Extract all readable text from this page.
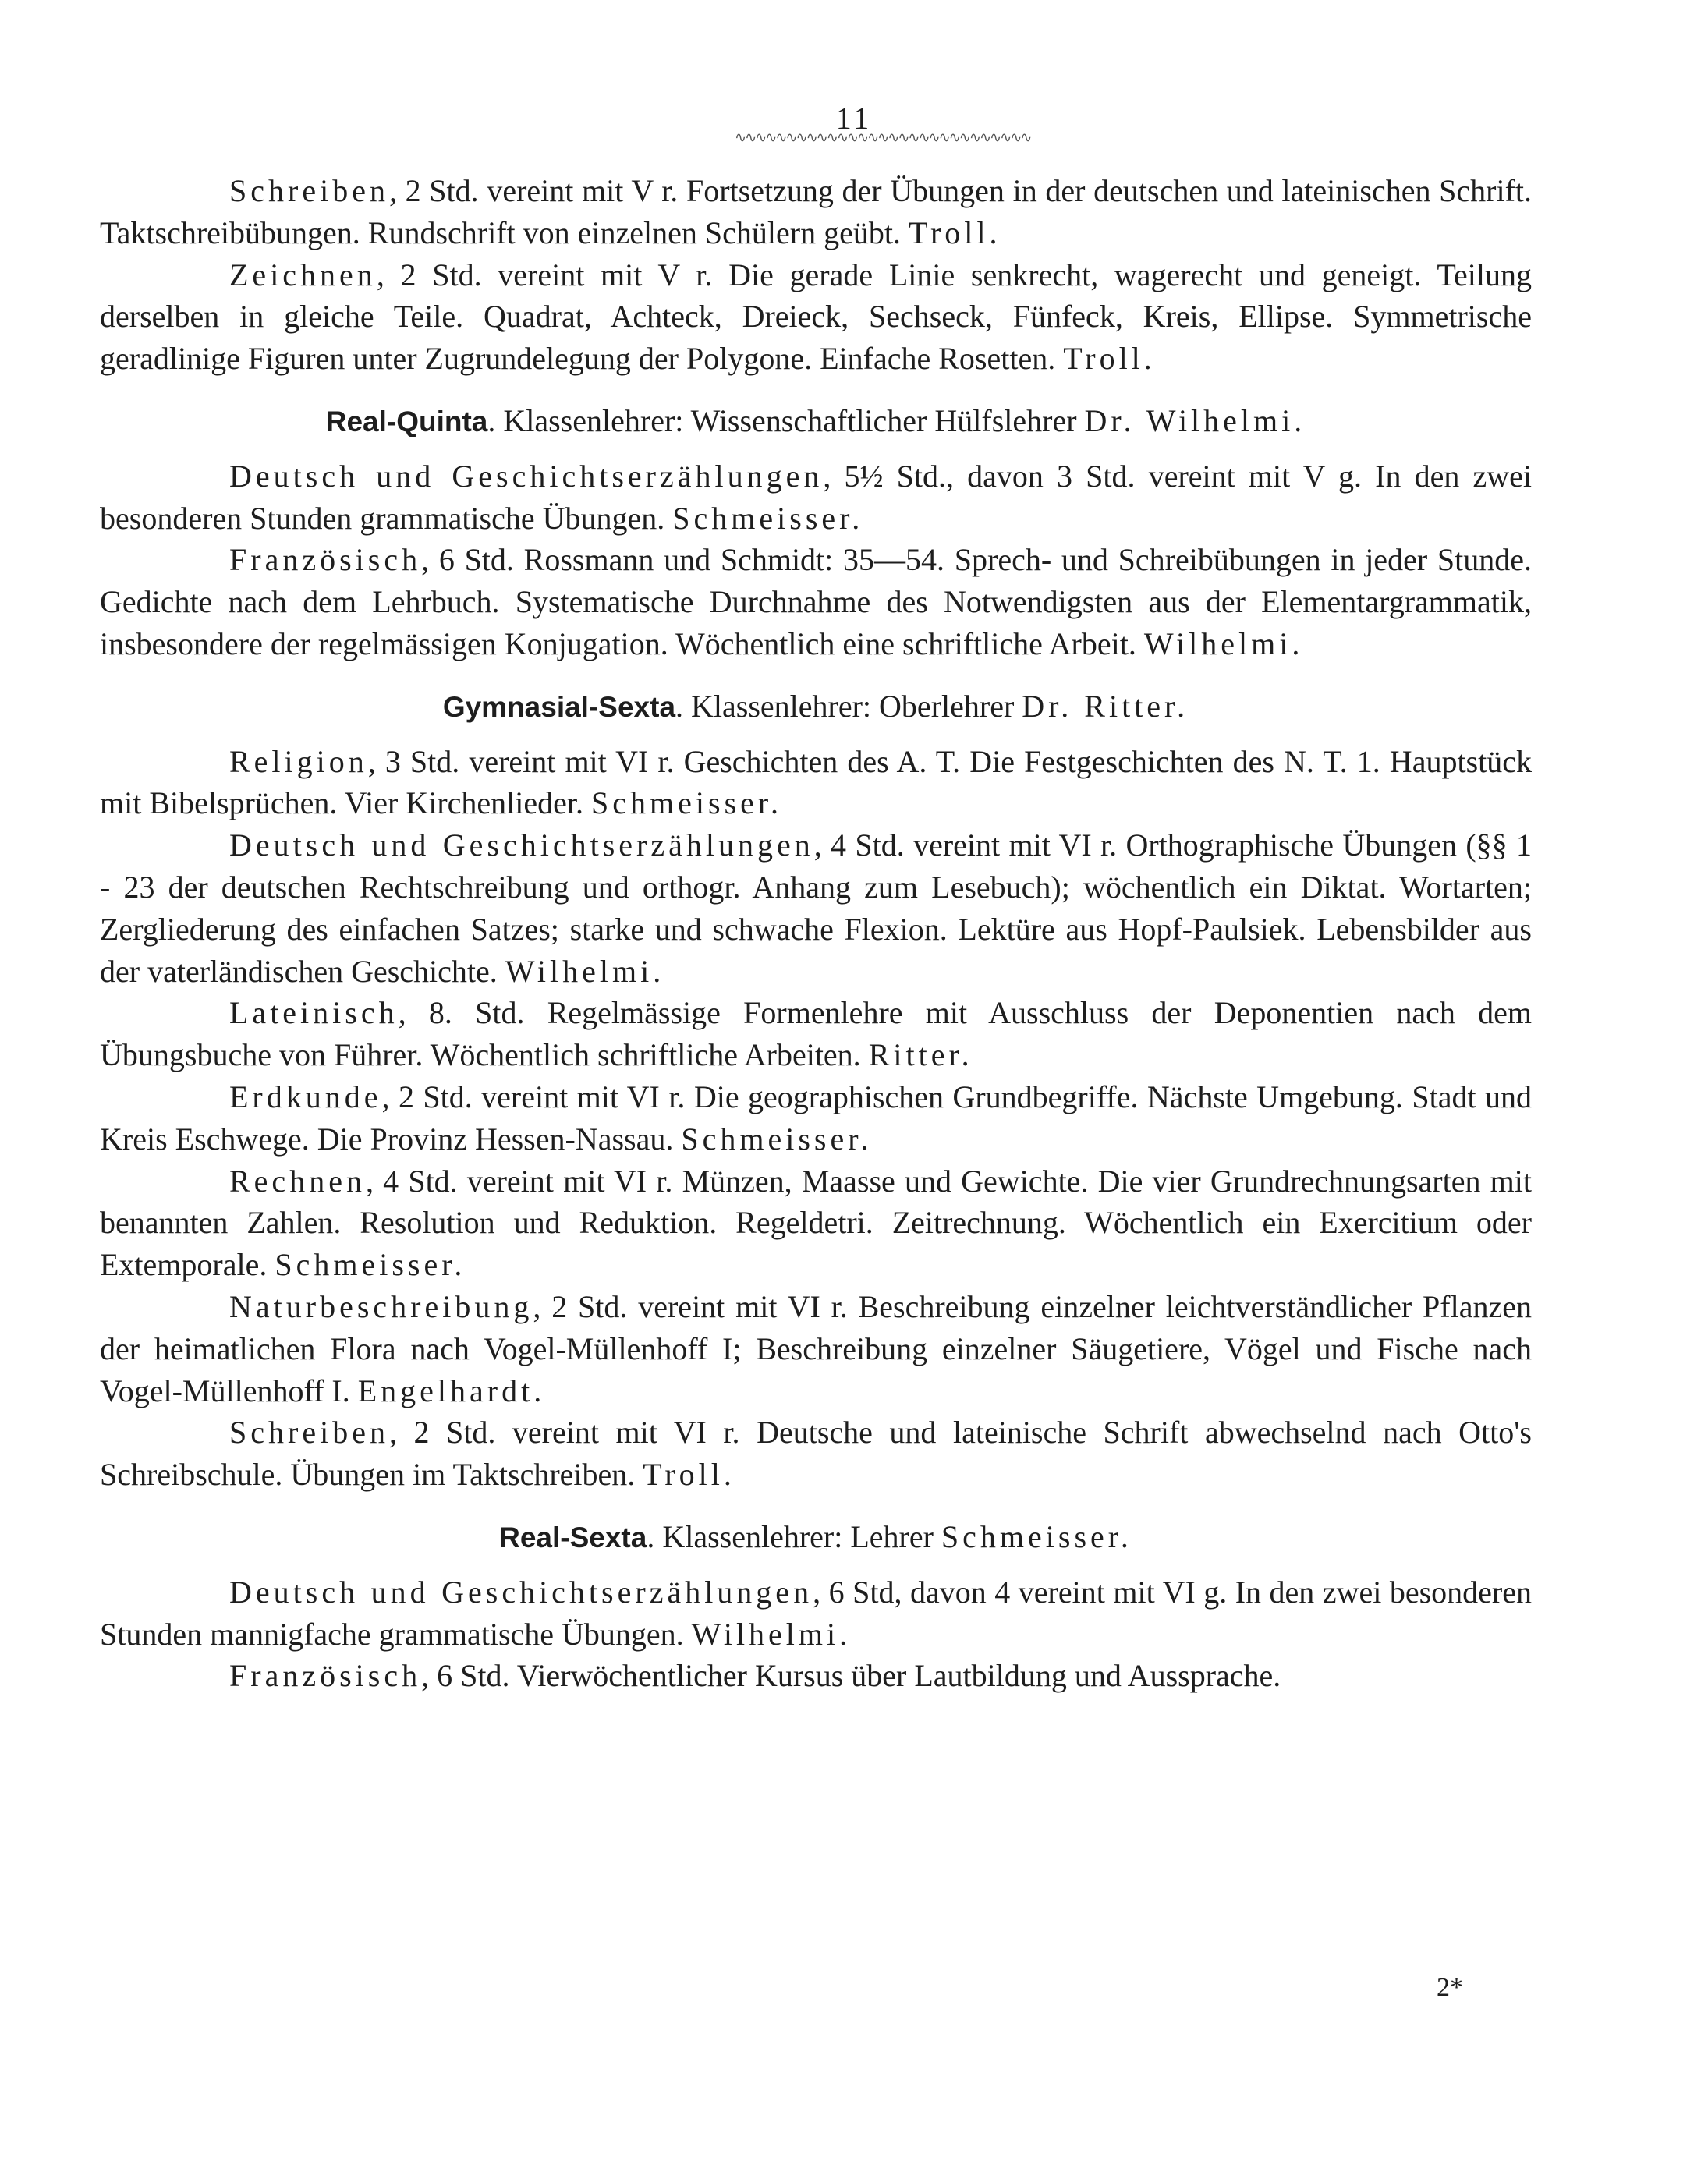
11
∿∿∿∿∿∿∿∿∿∿∿∿∿∿∿∿∿∿∿∿∿∿∿∿∿∿∿∿∿

Schreiben, 2 Std. vereint mit V r. Fortsetzung der Übungen in der deutschen und lateinischen Schrift. Taktschreibübungen. Rundschrift von einzelnen Schülern geübt. Troll.

Zeichnen, 2 Std. vereint mit V r. Die gerade Linie senkrecht, wagerecht und geneigt. Teilung derselben in gleiche Teile. Quadrat, Achteck, Dreieck, Sechseck, Fünfeck, Kreis, Ellipse. Symmetrische geradlinige Figuren unter Zugrundelegung der Polygone. Einfache Rosetten. Troll.

Real-Quinta. Klassenlehrer: Wissenschaftlicher Hülfslehrer Dr. Wilhelmi.

Deutsch und Geschichtserzählungen, 5½ Std., davon 3 Std. vereint mit V g. In den zwei besonderen Stunden grammatische Übungen. Schmeisser.

Französisch, 6 Std. Rossmann und Schmidt: 35—54. Sprech- und Schreibübungen in jeder Stunde. Gedichte nach dem Lehrbuch. Systematische Durchnahme des Notwendigsten aus der Elementargrammatik, insbesondere der regelmässigen Konjugation. Wöchentlich eine schriftliche Arbeit. Wilhelmi.

Gymnasial-Sexta. Klassenlehrer: Oberlehrer Dr. Ritter.

Religion, 3 Std. vereint mit VI r. Geschichten des A. T. Die Festgeschichten des N. T. 1. Hauptstück mit Bibelsprüchen. Vier Kirchenlieder. Schmeisser.

Deutsch und Geschichtserzählungen, 4 Std. vereint mit VI r. Orthographische Übungen (§§ 1 - 23 der deutschen Rechtschreibung und orthogr. Anhang zum Lesebuch); wöchentlich ein Diktat. Wortarten; Zergliederung des einfachen Satzes; starke und schwache Flexion. Lektüre aus Hopf-Paulsiek. Lebensbilder aus der vaterländischen Geschichte. Wilhelmi.

Lateinisch, 8. Std. Regelmässige Formenlehre mit Ausschluss der Deponentien nach dem Übungsbuche von Führer. Wöchentlich schriftliche Arbeiten. Ritter.

Erdkunde, 2 Std. vereint mit VI r. Die geographischen Grundbegriffe. Nächste Umgebung. Stadt und Kreis Eschwege. Die Provinz Hessen-Nassau. Schmeisser.

Rechnen, 4 Std. vereint mit VI r. Münzen, Maasse und Gewichte. Die vier Grundrechnungsarten mit benannten Zahlen. Resolution und Reduktion. Regeldetri. Zeitrechnung. Wöchentlich ein Exercitium oder Extemporale. Schmeisser.

Naturbeschreibung, 2 Std. vereint mit VI r. Beschreibung einzelner leichtverständlicher Pflanzen der heimatlichen Flora nach Vogel-Müllenhoff I; Beschreibung einzelner Säugetiere, Vögel und Fische nach Vogel-Müllenhoff I. Engelhardt.

Schreiben, 2 Std. vereint mit VI r. Deutsche und lateinische Schrift abwechselnd nach Otto's Schreibschule. Übungen im Taktschreiben. Troll.

Real-Sexta. Klassenlehrer: Lehrer Schmeisser.

Deutsch und Geschichtserzählungen, 6 Std, davon 4 vereint mit VI g. In den zwei besonderen Stunden mannigfache grammatische Übungen. Wilhelmi.

Französisch, 6 Std. Vierwöchentlicher Kursus über Lautbildung und Aussprache.

2*
